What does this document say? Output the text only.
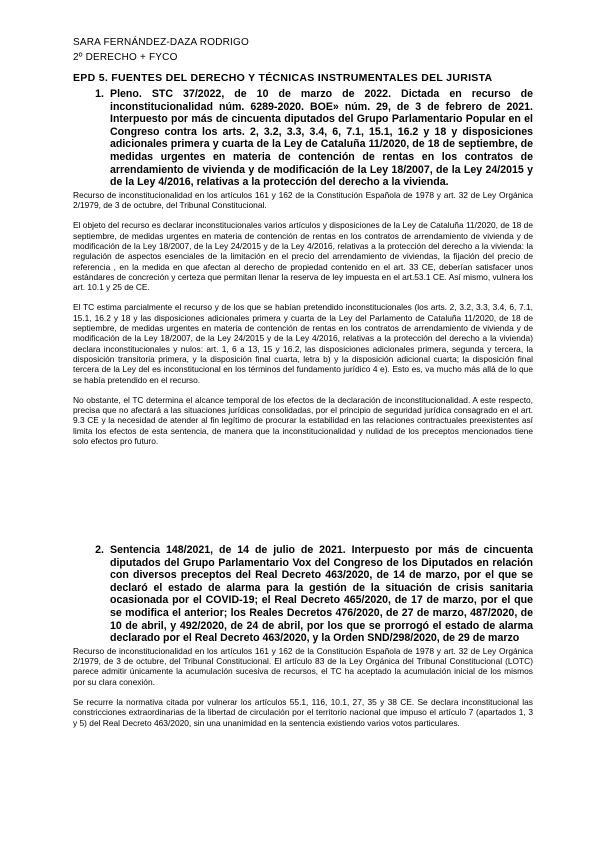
SARA FERNÁNDEZ-DAZA RODRIGO
2º DERECHO + FYCO
EPD 5. FUENTES DEL DERECHO Y TÉCNICAS INSTRUMENTALES DEL JURISTA
1. Pleno. STC 37/2022, de 10 de marzo de 2022. Dictada en recurso de inconstitucionalidad núm. 6289-2020. BOE» núm. 29, de 3 de febrero de 2021. Interpuesto por más de cincuenta diputados del Grupo Parlamentario Popular en el Congreso contra los arts. 2, 3.2, 3.3, 3.4, 6, 7.1, 15.1, 16.2 y 18 y disposiciones adicionales primera y cuarta de la Ley de Cataluña 11/2020, de 18 de septiembre, de medidas urgentes en materia de contención de rentas en los contratos de arrendamiento de vivienda y de modificación de la Ley 18/2007, de la Ley 24/2015 y de la Ley 4/2016, relativas a la protección del derecho a la vivienda.

Recurso de inconstitucionalidad en los artículos 161 y 162 de la Constitución Española de 1978 y art. 32 de Ley Orgánica 2/1979, de 3 de octubre, del Tribunal Constitucional.

El objeto del recurso es declarar inconstitucionales varios artículos y disposiciones de la Ley de Cataluña 11/2020, de 18 de septiembre, de medidas urgentes en materia de contención de rentas en los contratos de arrendamiento de vivienda y de modificación de la Ley 18/2007, de la Ley 24/2015 y de la Ley 4/2016, relativas a la protección del derecho a la vivienda: la regulación de aspectos esenciales de la limitación en el precio del arrendamiento de viviendas, la fijación del precio de referencia , en la medida en que afectan al derecho de propiedad contenido en el art. 33 CE, deberían satisfacer unos estándares de concreción y certeza que permitan llenar la reserva de ley impuesta en el art.53.1 CE. Así mismo, vulnera los art. 10.1 y 25 de CE.

El TC estima parcialmente el recurso y de los que se habían pretendido inconstitucionales (los arts. 2, 3.2, 3.3, 3.4, 6, 7.1, 15.1, 16.2 y 18 y las disposiciones adicionales primera y cuarta de la Ley del Parlamento de Cataluña 11/2020, de 18 de septiembre, de medidas urgentes en materia de contención de rentas en los contratos de arrendamiento de vivienda y de modificación de la Ley 18/2007, de la Ley 24/2015 y de la Ley 4/2016, relativas a la protección del derecho a la vivienda) declara inconstitucionales y nulos: art. 1, 6 a 13, 15 y 16.2, las disposiciones adicionales primera, segunda y tercera, la disposición transitoria primera, y la disposición final cuarta, letra b) y la disposición adicional cuarta; la disposición final tercera de la Ley del es inconstitucional en los términos del fundamento jurídico 4 e). Esto es, va mucho más allá de lo que se había pretendido en el recurso.

No obstante, el TC determina el alcance temporal de los efectos de la declaración de inconstitucionalidad. A este respecto, precisa que no afectará a las situaciones jurídicas consolidadas, por el principio de seguridad jurídica consagrado en el art. 9.3 CE y la necesidad de atender al fin legítimo de procurar la estabilidad en las relaciones contractuales preexistentes así limita los efectos de esta sentencia, de manera que la inconstitucionalidad y nulidad de los preceptos mencionados tiene solo efectos pro futuro.

2. Sentencia 148/2021, de 14 de julio de 2021. Interpuesto por más de cincuenta diputados del Grupo Parlamentario Vox del Congreso de los Diputados en relación con diversos preceptos del Real Decreto 463/2020, de 14 de marzo, por el que se declaró el estado de alarma para la gestión de la situación de crisis sanitaria ocasionada por el COVID-19; el Real Decreto 465/2020, de 17 de marzo, por el que se modifica el anterior; los Reales Decretos 476/2020, de 27 de marzo, 487/2020, de 10 de abril, y 492/2020, de 24 de abril, por los que se prorrogó el estado de alarma declarado por el Real Decreto 463/2020, y la Orden SND/298/2020, de 29 de marzo

Recurso de inconstitucionalidad en los artículos 161 y 162 de la Constitución Española de 1978 y art. 32 de Ley Orgánica 2/1979, de 3 de octubre, del Tribunal Constitucional. El artículo 83 de la Ley Orgánica del Tribunal Constitucional (LOTC) parece admitir únicamente la acumulación sucesiva de recursos, el TC ha aceptado la acumulación inicial de los mismos por su clara conexión.

Se recurre la normativa citada por vulnerar los artículos 55.1, 116, 10.1, 27, 35 y 38 CE. Se declara inconstitucional las constricciones extraordinarias de la libertad de circulación por el territorio nacional que impuso el artículo 7 (apartados 1, 3 y 5) del Real Decreto 463/2020, sin una unanimidad en la sentencia existiendo varios votos particulares.
